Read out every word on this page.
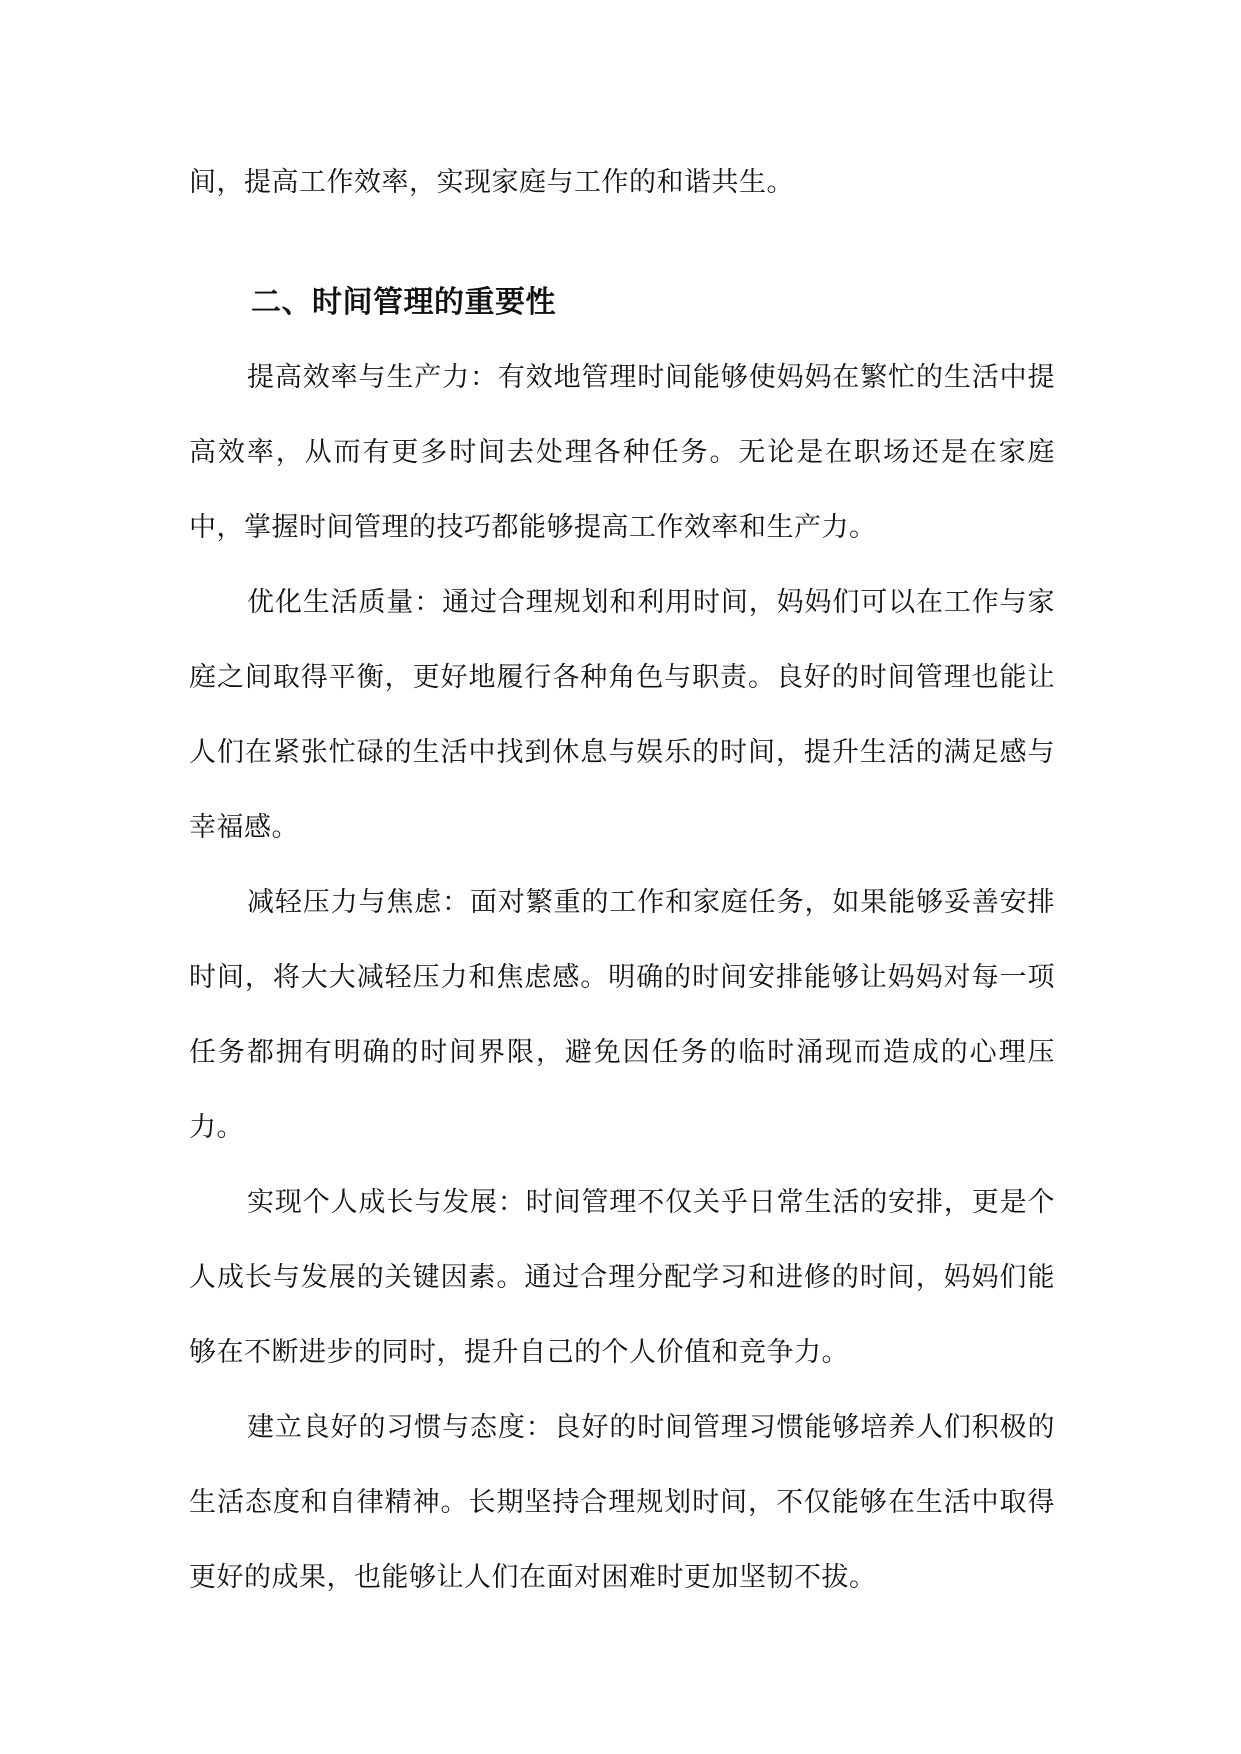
间，提高工作效率，实现家庭与工作的和谐共生。

二、时间管理的重要性

提高效率与生产力：有效地管理时间能够使妈妈在繁忙的生活中提高效率，从而有更多时间去处理各种任务。无论是在职场还是在家庭中，掌握时间管理的技巧都能够提高工作效率和生产力。

优化生活质量：通过合理规划和利用时间，妈妈们可以在工作与家庭之间取得平衡，更好地履行各种角色与职责。良好的时间管理也能让人们在紧张忙碌的生活中找到休息与娱乐的时间，提升生活的满足感与幸福感。

减轻压力与焦虑：面对繁重的工作和家庭任务，如果能够妥善安排时间，将大大减轻压力和焦虑感。明确的时间安排能够让妈妈对每一项任务都拥有明确的时间界限，避免因任务的临时涌现而造成的心理压力。

实现个人成长与发展：时间管理不仅关乎日常生活的安排，更是个人成长与发展的关键因素。通过合理分配学习和进修的时间，妈妈们能够在不断进步的同时，提升自己的个人价值和竞争力。

建立良好的习惯与态度：良好的时间管理习惯能够培养人们积极的生活态度和自律精神。长期坚持合理规划时间，不仅能够在生活中取得更好的成果，也能够让人们在面对困难时更加坚韧不拔。
